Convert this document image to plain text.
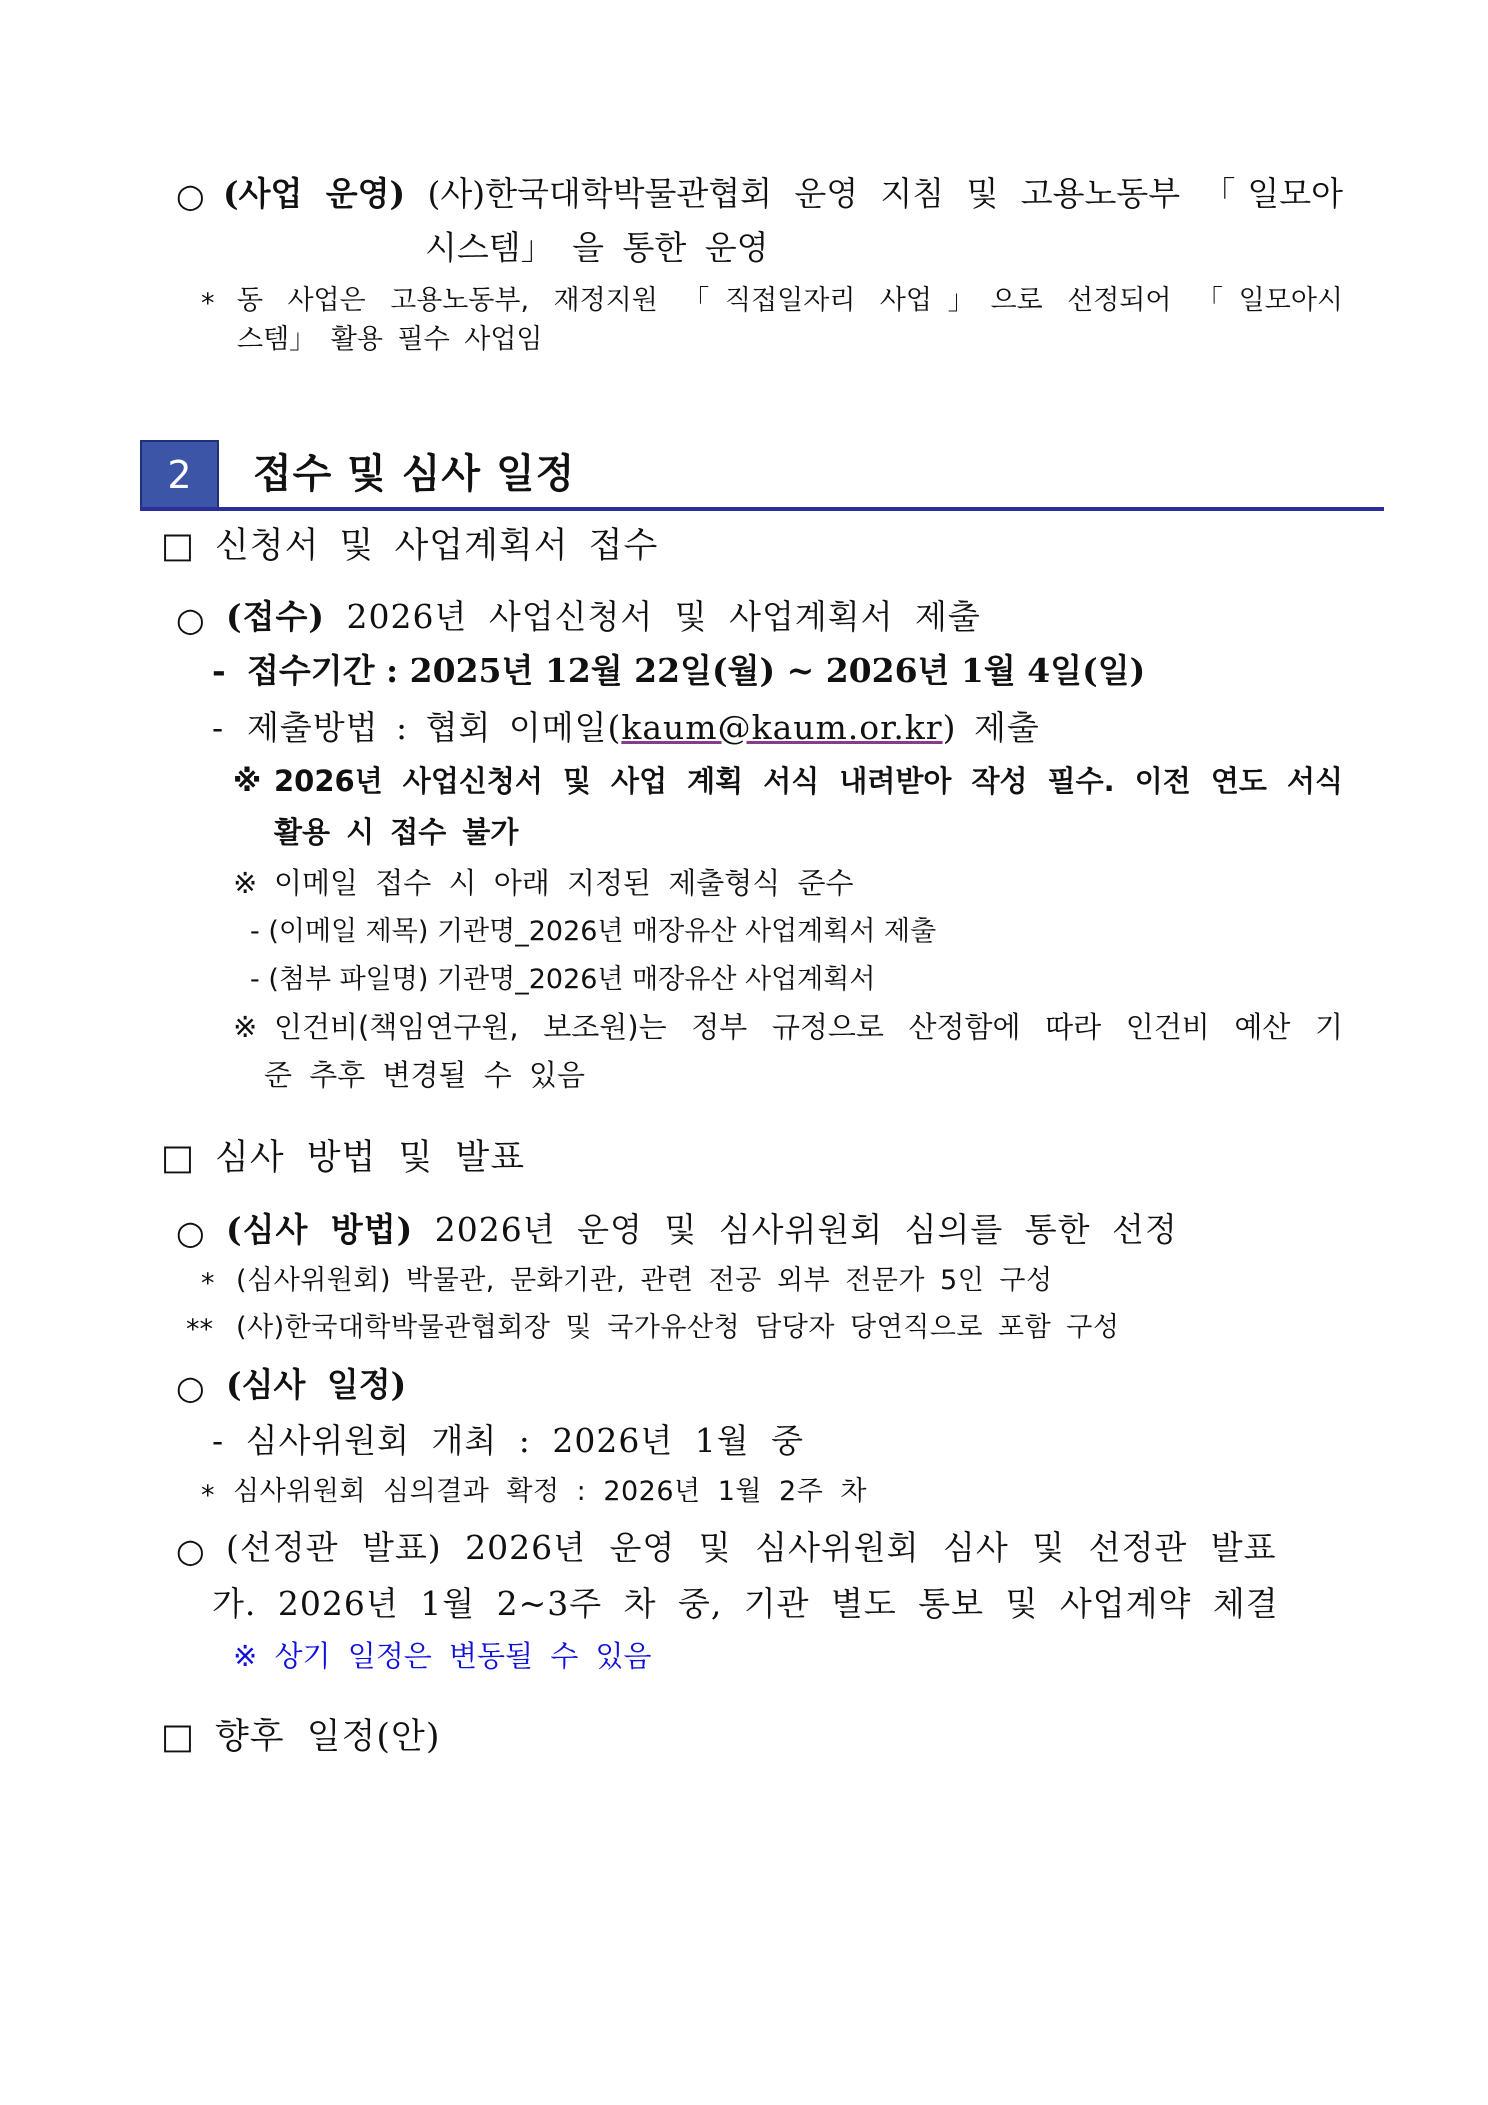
○ (사업 운영) (사)한국대학박물관협회 운영 지침 및 고용노동부 「일모아
시스템」 을 통한 운영
* 동 사업은 고용노동부, 재정지원 「직접일자리 사업」으로 선정되어 「일모아시
스템」 활용 필수 사업임
2	접수 및 심사 일정
□ 신청서 및 사업계획서 접수
○ (접수) 2026년 사업신청서 및 사업계획서 제출
- 접수기간 : 2025년 12월 22일(월) ~ 2026년 1월 4일(일)
- 제출방법 : 협회 이메일(kaum@kaum.or.kr) 제출
※ 2026년 사업신청서 및 사업 계획 서식 내려받아 작성 필수. 이전 연도 서식
활용 시 접수 불가
※ 이메일 접수 시 아래 지정된 제출형식 준수
- (이메일 제목) 기관명_2026년 매장유산 사업계획서 제출
- (첨부 파일명) 기관명_2026년 매장유산 사업계획서
※ 인건비(책임연구원, 보조원)는 정부 규정으로 산정함에 따라 인건비 예산 기
준 추후 변경될 수 있음
□ 심사 방법 및 발표
○ (심사 방법) 2026년 운영 및 심사위원회 심의를 통한 선정
* (심사위원회) 박물관, 문화기관, 관련 전공 외부 전문가 5인 구성
** (사)한국대학박물관협회장 및 국가유산청 담당자 당연직으로 포함 구성
○ (심사 일정)
- 심사위원회 개최 : 2026년 1월 중
* 심사위원회 심의결과 확정 : 2026년 1월 2주 차
○ (선정관 발표) 2026년 운영 및 심사위원회 심사 및 선정관 발표
가. 2026년 1월 2~3주 차 중, 기관 별도 통보 및 사업계약 체결
※ 상기 일정은 변동될 수 있음
□ 향후 일정(안)
